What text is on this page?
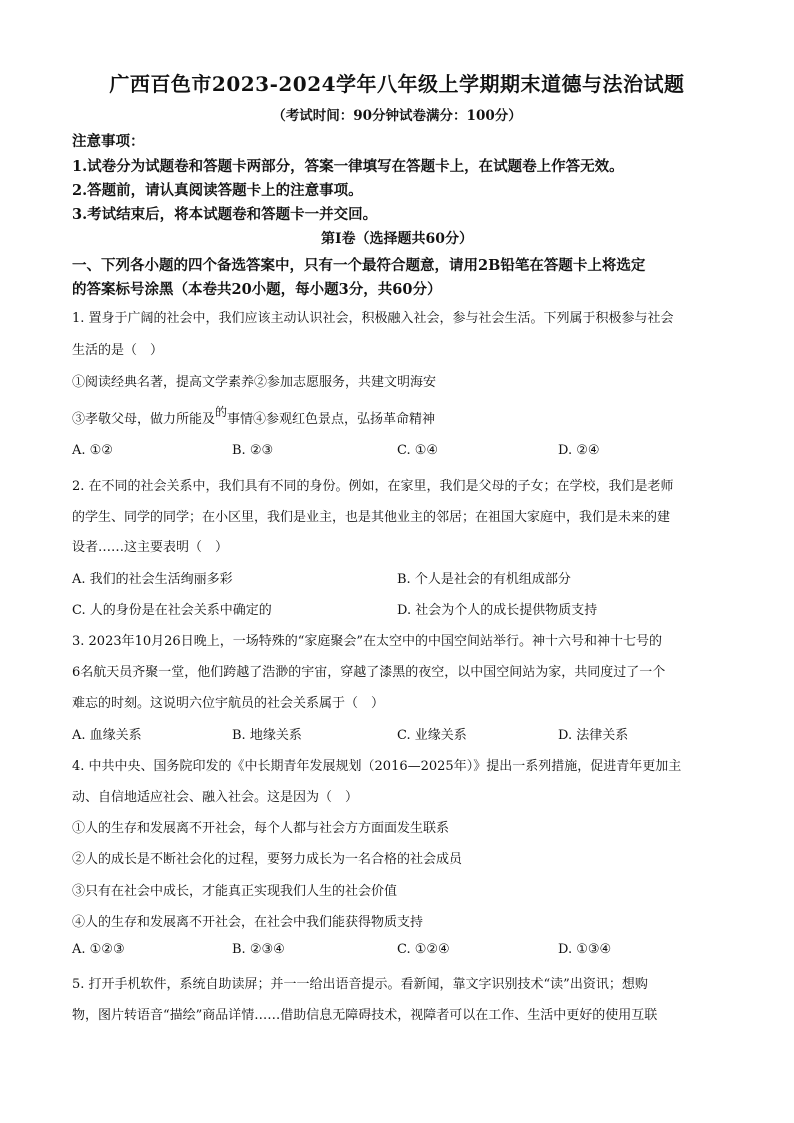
广西百色市2023-2024学年八年级上学期期末道德与法治试题
（考试时间：90分钟试卷满分：100分）
注意事项：
1.试卷分为试题卷和答题卡两部分，答案一律填写在答题卡上，在试题卷上作答无效。
2.答题前，请认真阅读答题卡上的注意事项。
3.考试结束后，将本试题卷和答题卡一并交回。
第Ⅰ卷（选择题共60分）
一、下列各小题的四个备选答案中，只有一个最符合题意，请用2B铅笔在答题卡上将选定
的答案标号涂黑（本卷共20小题，每小题3分，共60分）
1. 置身于广阔的社会中，我们应该主动认识社会，积极融入社会，参与社会生活。下列属于积极参与社会
生活的是（　）
①阅读经典名著，提高文学素养②参加志愿服务，共建文明海安
③孝敬父母，做力所能及的事情④参观红色景点，弘扬革命精神
A. ①②	B. ②③	C. ①④	D. ②④
2. 在不同的社会关系中，我们具有不同的身份。例如，在家里，我们是父母的子女；在学校，我们是老师
的学生、同学的同学；在小区里，我们是业主，也是其他业主的邻居；在祖国大家庭中，我们是未来的建
设者……这主要表明（　）
A. 我们的社会生活绚丽多彩	B. 个人是社会的有机组成部分
C. 人的身份是在社会关系中确定的	D. 社会为个人的成长提供物质支持
3. 2023年10月26日晚上，一场特殊的“家庭聚会”在太空中的中国空间站举行。神十六号和神十七号的
6名航天员齐聚一堂，他们跨越了浩渺的宇宙，穿越了漆黑的夜空，以中国空间站为家，共同度过了一个
难忘的时刻。这说明六位宇航员的社会关系属于（　）
A. 血缘关系	B. 地缘关系	C. 业缘关系	D. 法律关系
4. 中共中央、国务院印发的《中长期青年发展规划（2016—2025年）》提出一系列措施，促进青年更加主
动、自信地适应社会、融入社会。这是因为（　）
①人的生存和发展离不开社会，每个人都与社会方方面面发生联系
②人的成长是不断社会化的过程，要努力成长为一名合格的社会成员
③只有在社会中成长，才能真正实现我们人生的社会价值
④人的生存和发展离不开社会，在社会中我们能获得物质支持
A. ①②③	B. ②③④	C. ①②④	D. ①③④
5. 打开手机软件，系统自助读屏；并一一给出语音提示。看新闻，靠文字识别技术“读”出资讯；想购
物，图片转语音“描绘”商品详情……借助信息无障碍技术，视障者可以在工作、生活中更好的使用互联
